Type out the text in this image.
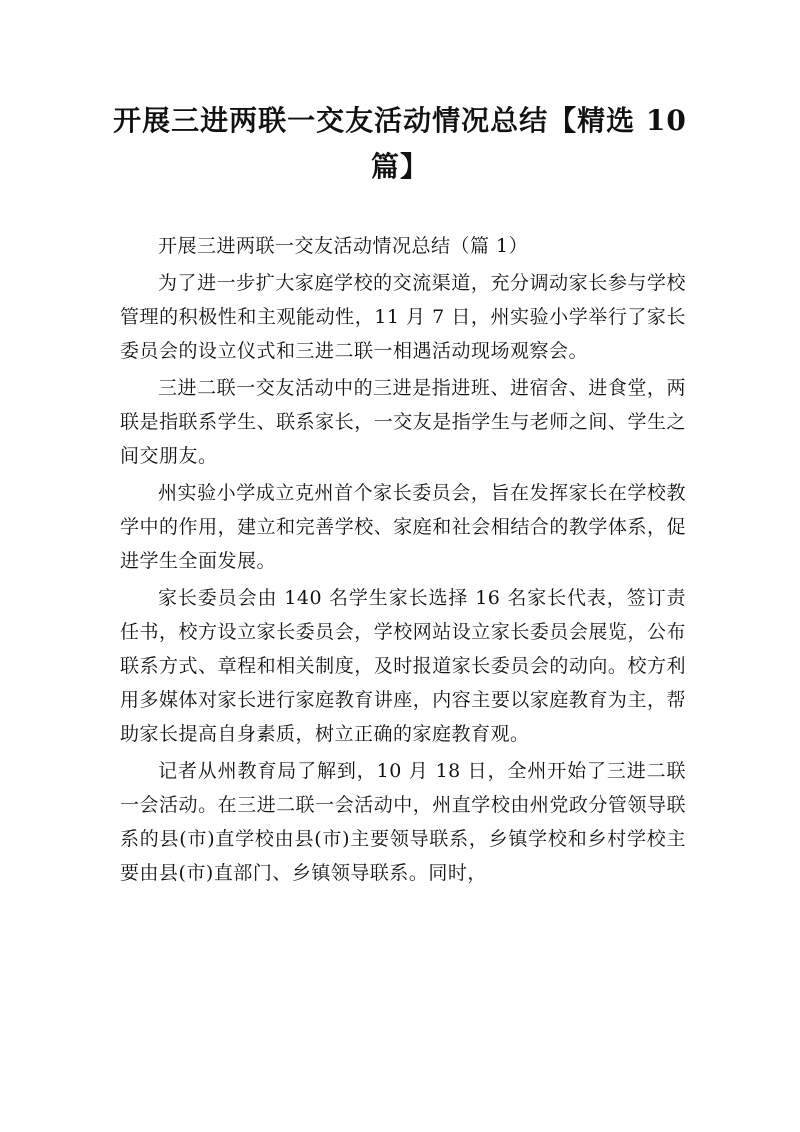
开展三进两联一交友活动情况总结【精选 10 篇】

开展三进两联一交友活动情况总结（篇 1）

为了进一步扩大家庭学校的交流渠道，充分调动家长参与学校管理的积极性和主观能动性，11 月 7 日，州实验小学举行了家长委员会的设立仪式和三进二联一相遇活动现场观察会。

三进二联一交友活动中的三进是指进班、进宿舍、进食堂，两联是指联系学生、联系家长，一交友是指学生与老师之间、学生之间交朋友。

州实验小学成立克州首个家长委员会，旨在发挥家长在学校教学中的作用，建立和完善学校、家庭和社会相结合的教学体系，促进学生全面发展。

家长委员会由 140 名学生家长选择 16 名家长代表，签订责任书，校方设立家长委员会，学校网站设立家长委员会展览，公布联系方式、章程和相关制度，及时报道家长委员会的动向。校方利用多媒体对家长进行家庭教育讲座，内容主要以家庭教育为主，帮助家长提高自身素质，树立正确的家庭教育观。

记者从州教育局了解到，10 月 18 日，全州开始了三进二联一会活动。在三进二联一会活动中，州直学校由州党政分管领导联系的县(市)直学校由县(市)主要领导联系，乡镇学校和乡村学校主要由县(市)直部门、乡镇领导联系。同时，
